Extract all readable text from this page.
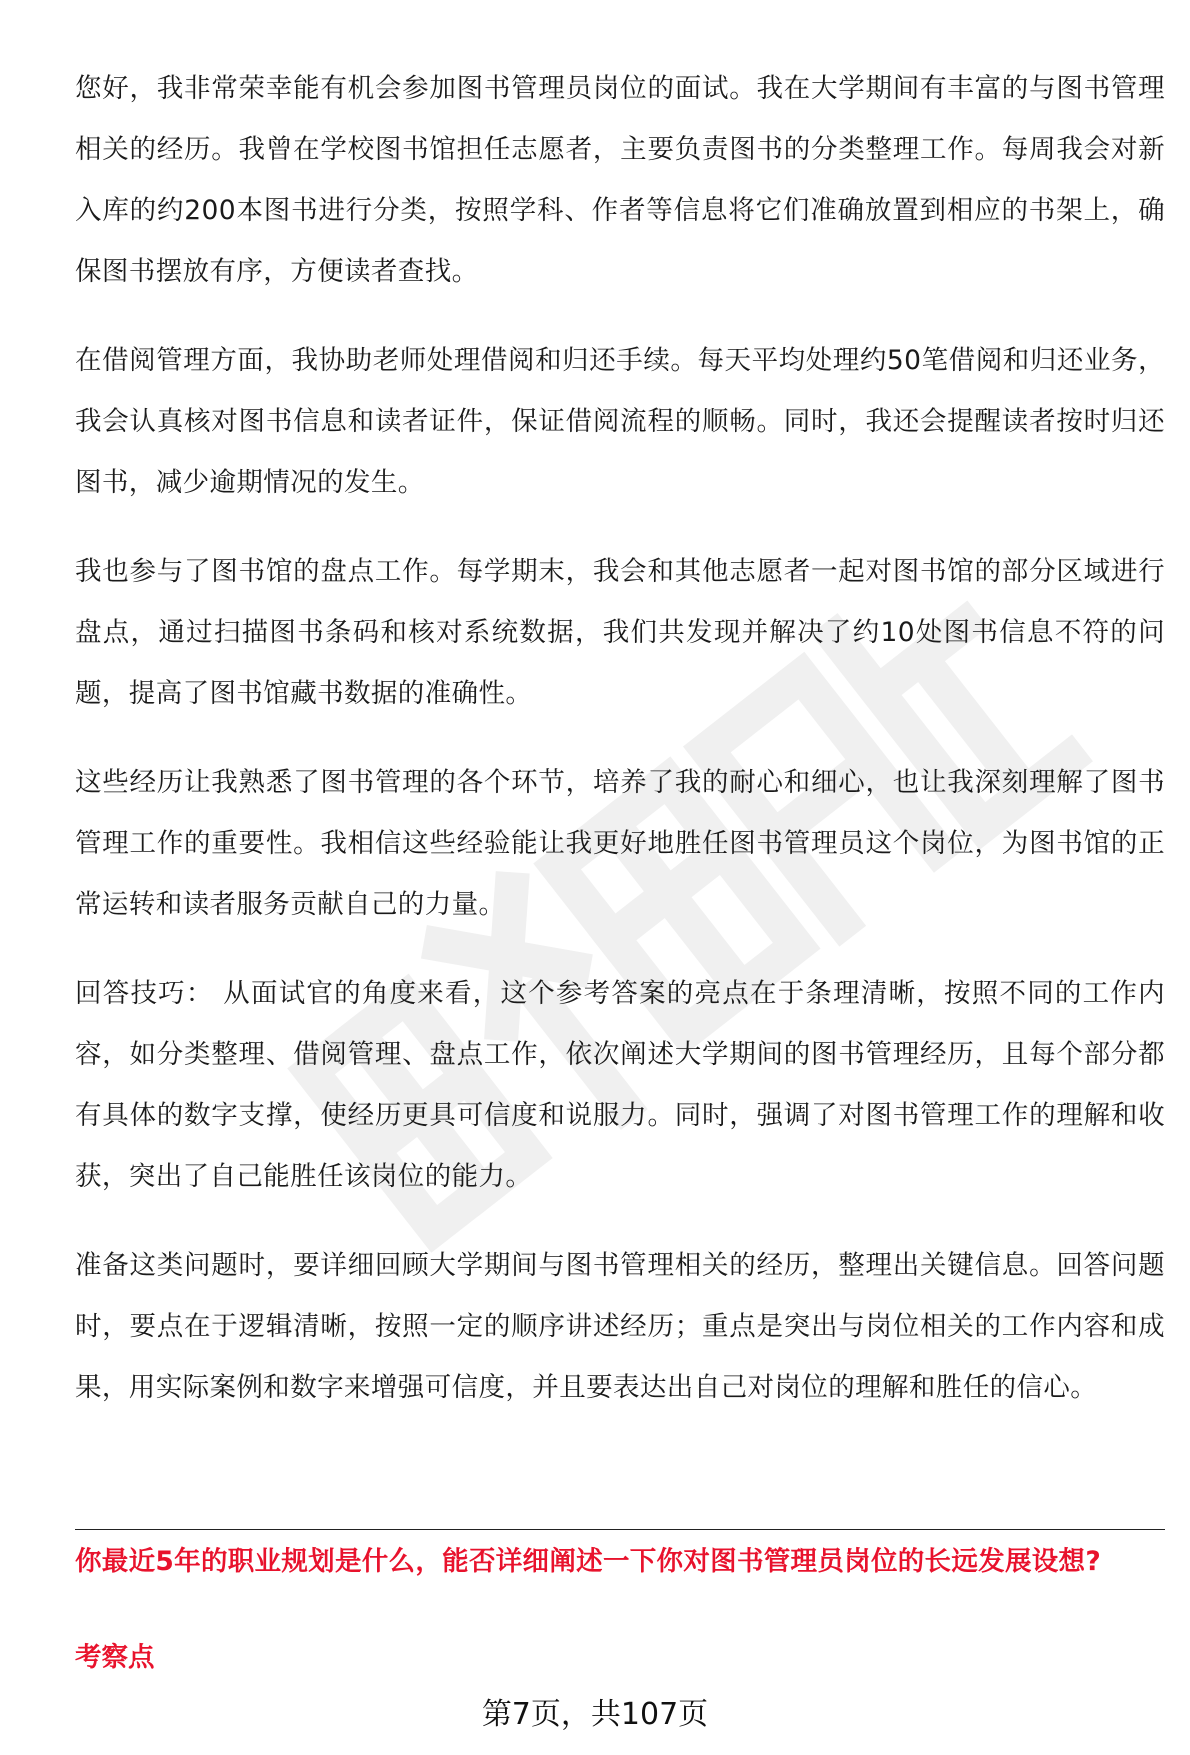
您好，我非常荣幸能有机会参加图书管理员岗位的面试。我在大学期间有丰富的与图书管理相关的经历。我曾在学校图书馆担任志愿者，主要负责图书的分类整理工作。每周我会对新入库的约200本图书进行分类，按照学科、作者等信息将它们准确放置到相应的书架上，确保图书摆放有序，方便读者查找。

在借阅管理方面，我协助老师处理借阅和归还手续。每天平均处理约50笔借阅和归还业务，我会认真核对图书信息和读者证件，保证借阅流程的顺畅。同时，我还会提醒读者按时归还图书，减少逾期情况的发生。

我也参与了图书馆的盘点工作。每学期末，我会和其他志愿者一起对图书馆的部分区域进行盘点，通过扫描图书条码和核对系统数据，我们共发现并解决了约10处图书信息不符的问题，提高了图书馆藏书数据的准确性。

这些经历让我熟悉了图书管理的各个环节，培养了我的耐心和细心，也让我深刻理解了图书管理工作的重要性。我相信这些经验能让我更好地胜任图书管理员这个岗位，为图书馆的正常运转和读者服务贡献自己的力量。

回答技巧： 从面试官的角度来看，这个参考答案的亮点在于条理清晰，按照不同的工作内容，如分类整理、借阅管理、盘点工作，依次阐述大学期间的图书管理经历，且每个部分都有具体的数字支撑，使经历更具可信度和说服力。同时，强调了对图书管理工作的理解和收获，突出了自己能胜任该岗位的能力。

准备这类问题时，要详细回顾大学期间与图书管理相关的经历，整理出关键信息。回答问题时，要点在于逻辑清晰，按照一定的顺序讲述经历；重点是突出与岗位相关的工作内容和成果，用实际案例和数字来增强可信度，并且要表达出自己对岗位的理解和胜任的信心。

你最近5年的职业规划是什么，能否详细阐述一下你对图书管理员岗位的长远发展设想?

考察点

第7页，共107页
